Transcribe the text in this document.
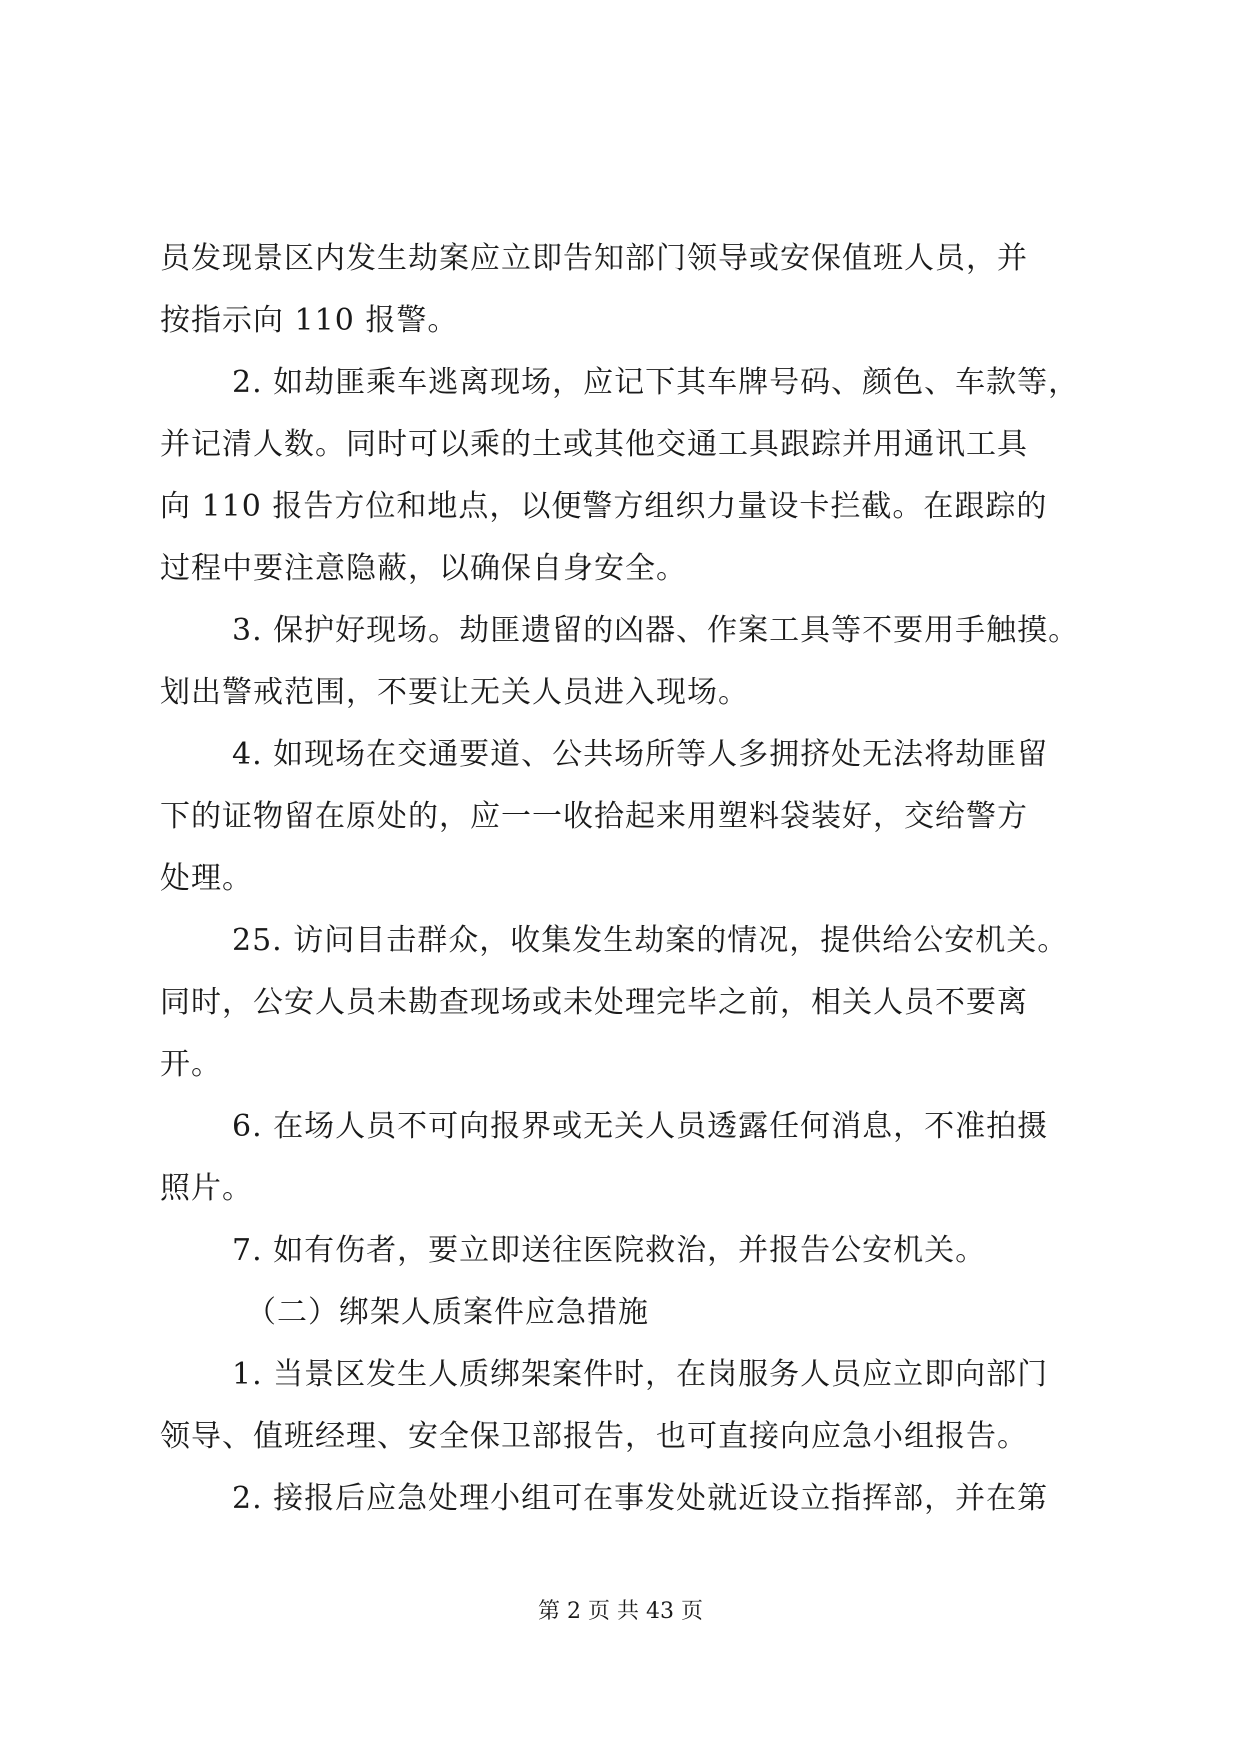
员发现景区内发生劫案应立即告知部门领导或安保值班人员，并
按指示向 110 报警。
2. 如劫匪乘车逃离现场，应记下其车牌号码、颜色、车款等，
并记清人数。同时可以乘的土或其他交通工具跟踪并用通讯工具
向 110 报告方位和地点，以便警方组织力量设卡拦截。在跟踪的
过程中要注意隐蔽，以确保自身安全。
3. 保护好现场。劫匪遗留的凶器、作案工具等不要用手触摸。
划出警戒范围，不要让无关人员进入现场。
4. 如现场在交通要道、公共场所等人多拥挤处无法将劫匪留
下的证物留在原处的，应一一收拾起来用塑料袋装好，交给警方
处理。
25. 访问目击群众，收集发生劫案的情况，提供给公安机关。
同时，公安人员未勘查现场或未处理完毕之前，相关人员不要离
开。
6. 在场人员不可向报界或无关人员透露任何消息，不准拍摄
照片。
7. 如有伤者，要立即送往医院救治，并报告公安机关。
（二）绑架人质案件应急措施
1. 当景区发生人质绑架案件时，在岗服务人员应立即向部门
领导、值班经理、安全保卫部报告，也可直接向应急小组报告。
2. 接报后应急处理小组可在事发处就近设立指挥部，并在第
第 2 页 共 43 页
